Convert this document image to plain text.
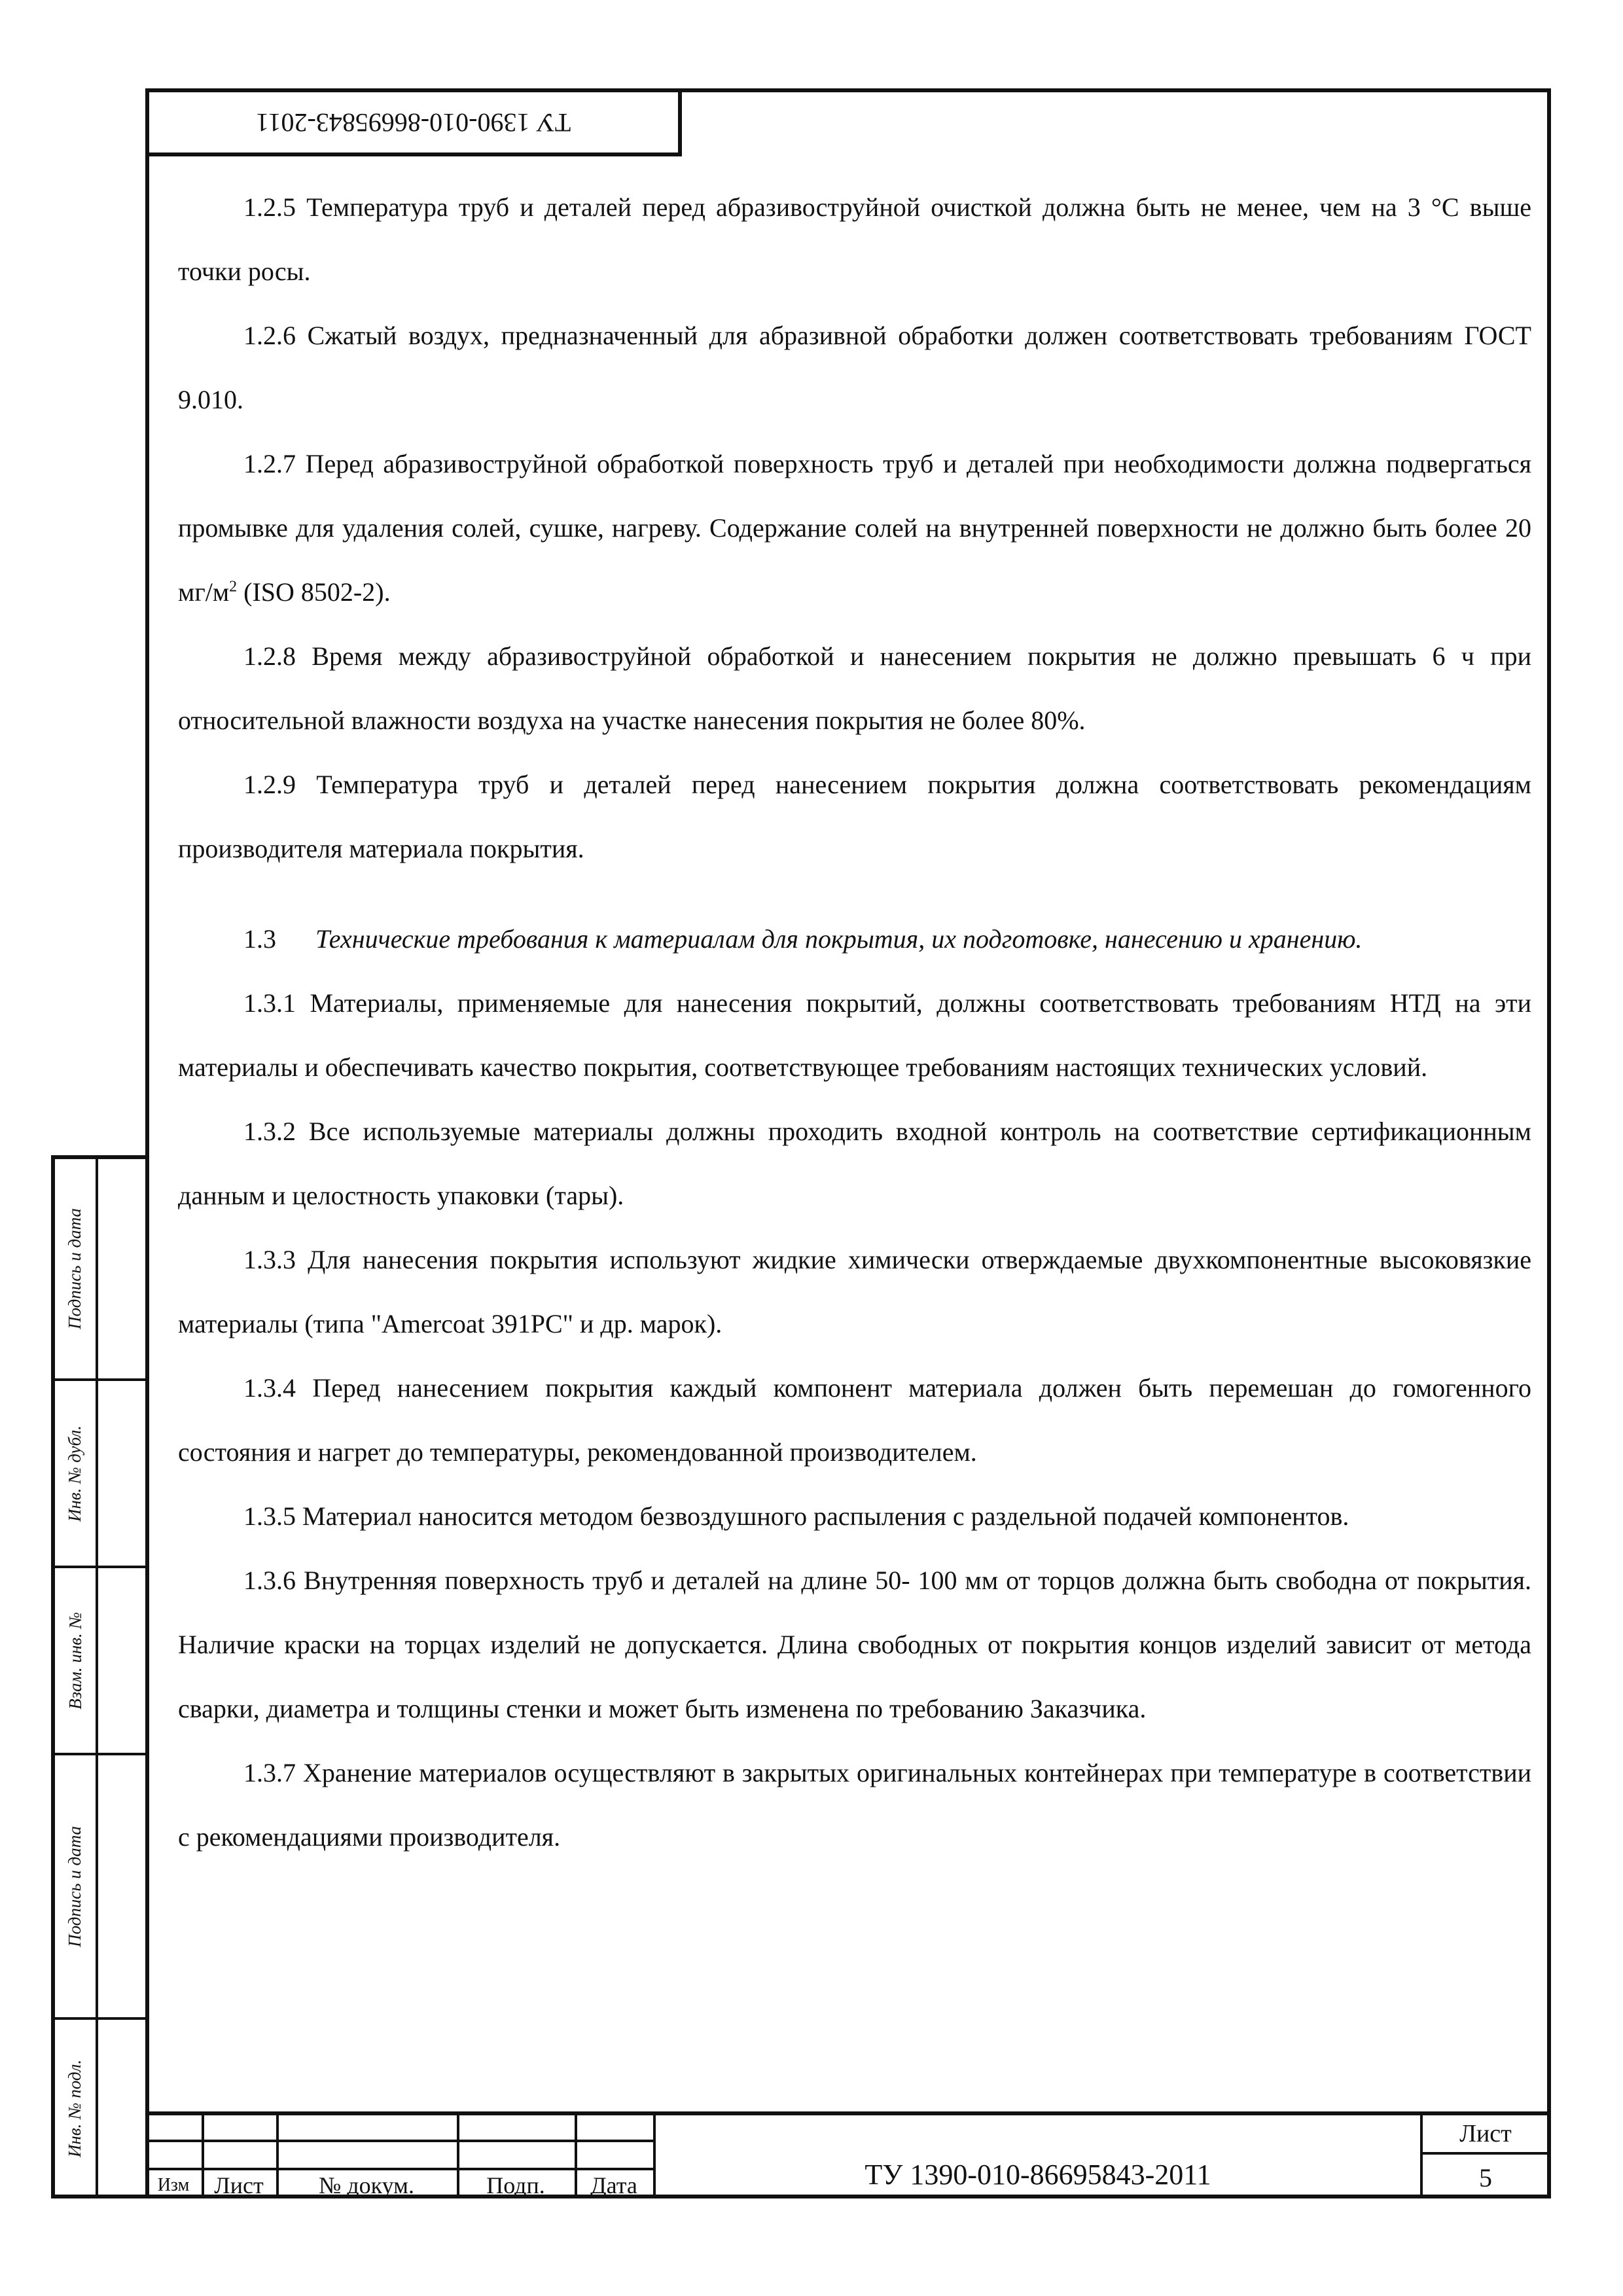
ТУ 1390-010-86695843-2011
Подпись и дата
Инв. № дубл.
Взам. инв. №
Подпись и дата
Инв. № подл.

1.2.5 Температура труб и деталей перед абразивоструйной очисткой должна быть не менее, чем на 3 °С выше точки росы.

1.2.6 Сжатый воздух, предназначенный для абразивной обработки должен соответствовать требованиям ГОСТ 9.010.

1.2.7 Перед абразивоструйной обработкой поверхность труб и деталей при необходимости должна подвергаться промывке для удаления солей, сушке, нагреву. Содержание солей на внутренней поверхности не должно быть более 20 $мг/м^2$ (ISO 8502-2).

1.2.8 Время между абразивоструйной обработкой и нанесением покрытия не должно превышать 6 ч при относительной влажности воздуха на участке нанесения покрытия не более 80%.

1.2.9 Температура труб и деталей перед нанесением покрытия должна соответствовать рекомендациям производителя материала покрытия.

1.3 Технические требования к материалам для покрытия, их подготовке, нанесению и хранению.

1.3.1 Материалы, применяемые для нанесения покрытий, должны соответствовать требованиям НТД на эти материалы и обеспечивать качество покрытия, соответствующее требованиям настоящих технических условий.

1.3.2 Все используемые материалы должны проходить входной контроль на соответствие сертификационным данным и целостность упаковки (тары).

1.3.3 Для нанесения покрытия используют жидкие химически отверждаемые двухкомпонентные высоковязкие материалы (типа "Amercoat 391PC" и др. марок).

1.3.4 Перед нанесением покрытия каждый компонент материала должен быть перемешан до гомогенного состояния и нагрет до температуры, рекомендованной производителем.

1.3.5 Материал наносится методом безвоздушного распыления с раздельной подачей компонентов.

1.3.6 Внутренняя поверхность труб и деталей на длине 50- 100 мм от торцов должна быть свободна от покрытия. Наличие краски на торцах изделий не допускается. Длина свободных от покрытия концов изделий зависит от метода сварки, диаметра и толщины стенки и может быть изменена по требованию Заказчика.

1.3.7 Хранение материалов осуществляют в закрытых оригинальных контейнерах при температуре в соответствии с рекомендациями производителя.

Изм	Лист	№ докум.	Подп.	Дата	ТУ 1390-010-86695843-2011
Лист
5
